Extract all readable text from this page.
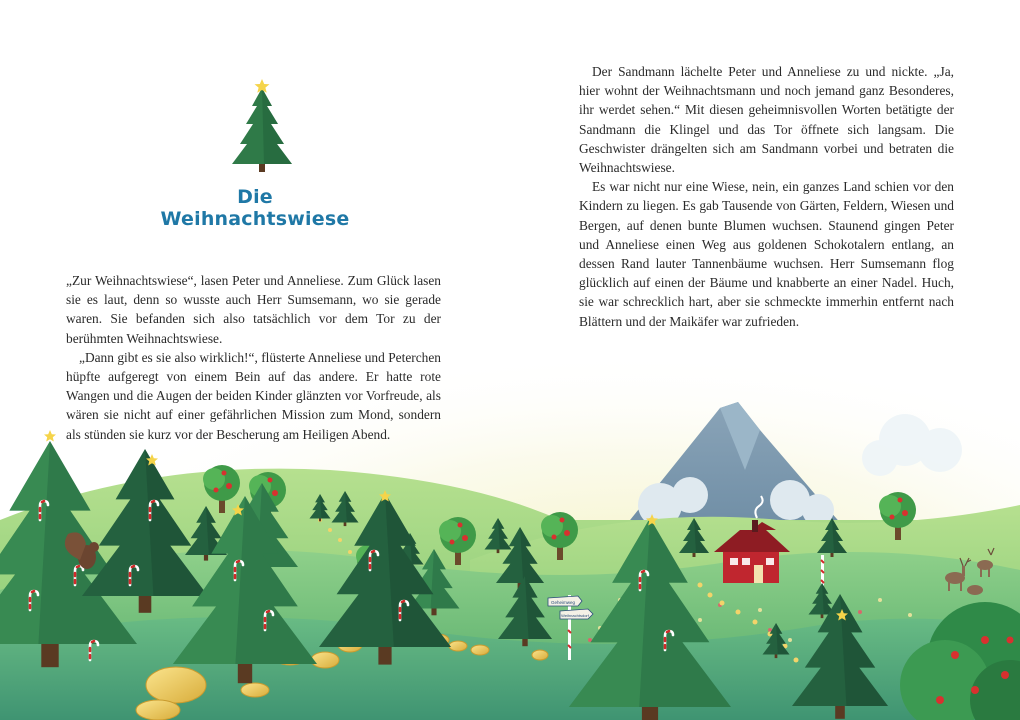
Die Weihnachtswiese

„Zur Weihnachtswiese“, lasen Peter und Anneliese. Zum Glück lasen sie es laut, denn so wusste auch Herr Sumsemann, wo sie gerade waren. Sie befanden sich also tatsächlich vor dem Tor zu der berühmten Weihnachtswiese.

„Dann gibt es sie also wirklich!“, flüsterte Anneliese und Peterchen hüpfte aufgeregt von einem Bein auf das andere. Er hatte rote Wangen und die Augen der beiden Kinder glänzten vor Vorfreude, als wären sie nicht auf einer gefährlichen Mission zum Mond, sondern als stünden sie kurz vor der Bescherung am Heiligen Abend.

Der Sandmann lächelte Peter und Anneliese zu und nickte. „Ja, hier wohnt der Weihnachtsmann und noch jemand ganz Besonderes, ihr werdet sehen.“ Mit diesen geheimnisvollen Worten betätigte der Sandmann die Klingel und das Tor öffnete sich langsam. Die Geschwister drängelten sich am Sandmann vorbei und betraten die Weihnachtswiese.

Es war nicht nur eine Wiese, nein, ein ganzes Land schien vor den Kindern zu liegen. Es gab Tausende von Gärten, Feldern, Wiesen und Bergen, auf denen bunte Blumen wuchsen. Staunend gingen Peter und Anneliese einen Weg aus goldenen Schokotalern entlang, an dessen Rand lauter Tannenbäume wuchsen. Herr Sumsemann flog glücklich auf einen der Bäume und knabberte an einer Nadel. Huch, sie war schrecklich hart, aber sie schmeckte immerhin entfernt nach Blättern und der Maikäfer war zufrieden.

Geheimweg
Weihnachtsdorf
